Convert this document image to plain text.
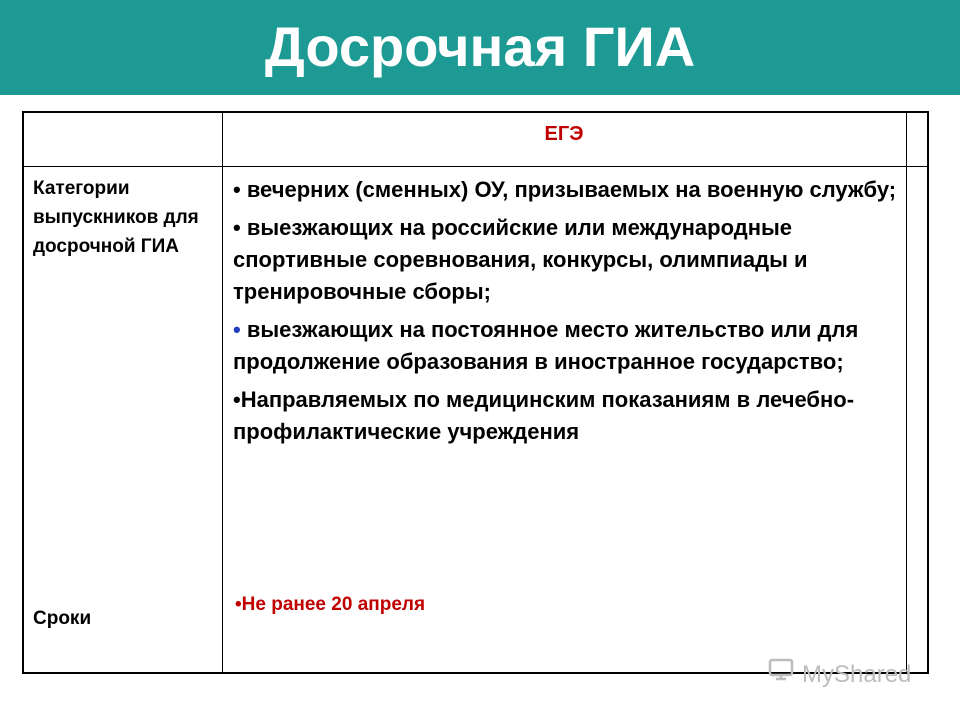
Досрочная ГИА
ЕГЭ
Категории выпускников для досрочной ГИА
Сроки
• вечерних (сменных) ОУ, призываемых на военную службу;
• выезжающих на российские или международные спортивные соревнования, конкурсы, олимпиады и тренировочные сборы;
• выезжающих на постоянное место жительство или для продолжение образования в иностранное государство;
•Направляемых по медицинским показаниям в лечебно-профилактические учреждения
•Не ранее 20 апреля
MyShared
